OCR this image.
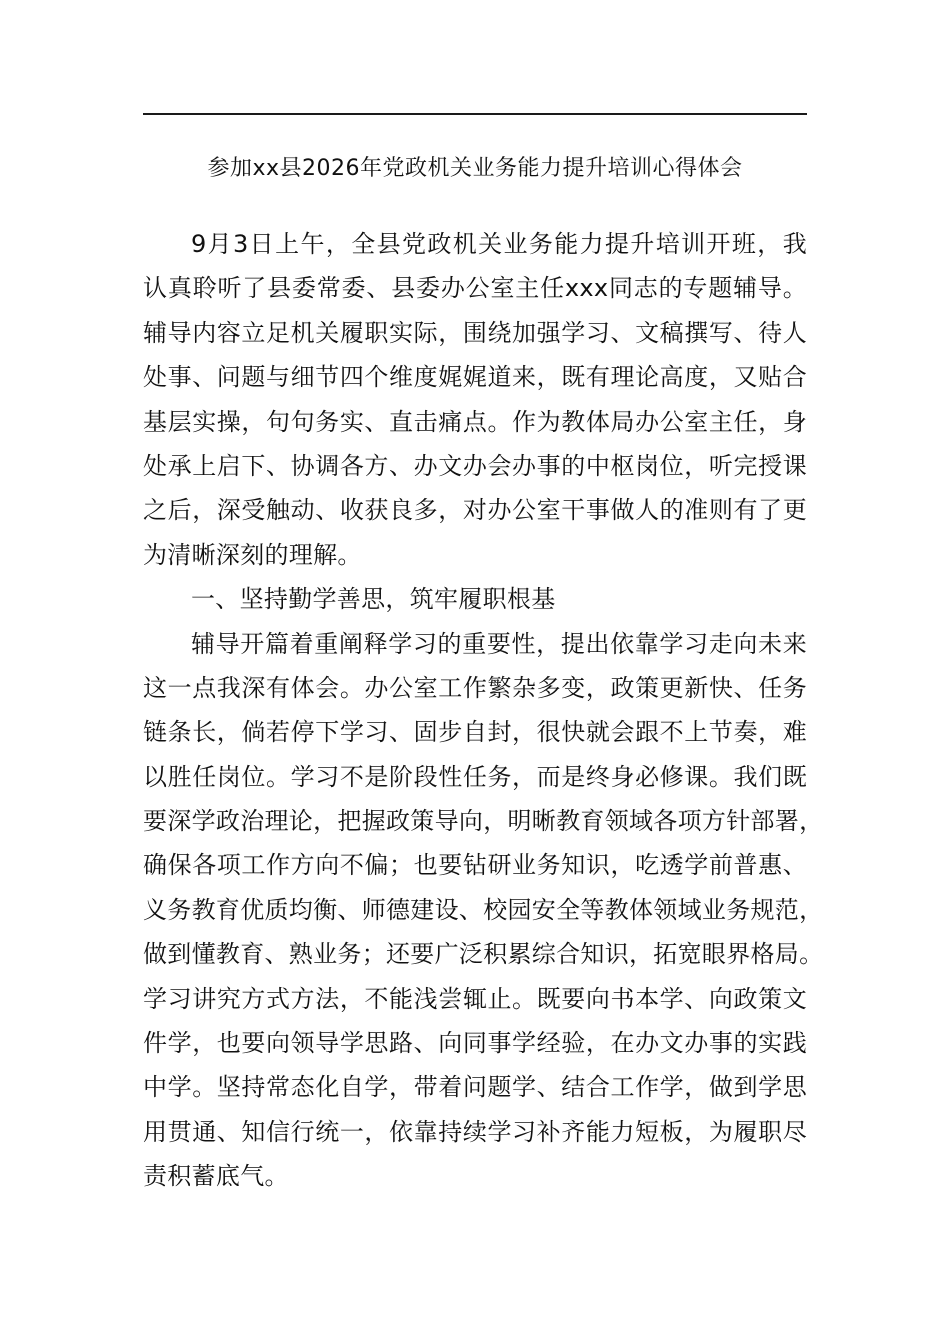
参加xx县2026年党政机关业务能力提升培训心得体会
9月3日上午，全县党政机关业务能力提升培训开班，我
认真聆听了县委常委、县委办公室主任xxx同志的专题辅导。
辅导内容立足机关履职实际，围绕加强学习、文稿撰写、待人
处事、问题与细节四个维度娓娓道来，既有理论高度，又贴合
基层实操，句句务实、直击痛点。作为教体局办公室主任，身
处承上启下、协调各方、办文办会办事的中枢岗位，听完授课
之后，深受触动、收获良多，对办公室干事做人的准则有了更
为清晰深刻的理解。
一、坚持勤学善思，筑牢履职根基
辅导开篇着重阐释学习的重要性，提出依靠学习走向未来
这一点我深有体会。办公室工作繁杂多变，政策更新快、任务
链条长，倘若停下学习、固步自封，很快就会跟不上节奏，难
以胜任岗位。学习不是阶段性任务，而是终身必修课。我们既
要深学政治理论，把握政策导向，明晰教育领域各项方针部署，
确保各项工作方向不偏；也要钻研业务知识，吃透学前普惠、
义务教育优质均衡、师德建设、校园安全等教体领域业务规范，
做到懂教育、熟业务；还要广泛积累综合知识，拓宽眼界格局。
学习讲究方式方法，不能浅尝辄止。既要向书本学、向政策文
件学，也要向领导学思路、向同事学经验，在办文办事的实践
中学。坚持常态化自学，带着问题学、结合工作学，做到学思
用贯通、知信行统一，依靠持续学习补齐能力短板，为履职尽
责积蓄底气。
